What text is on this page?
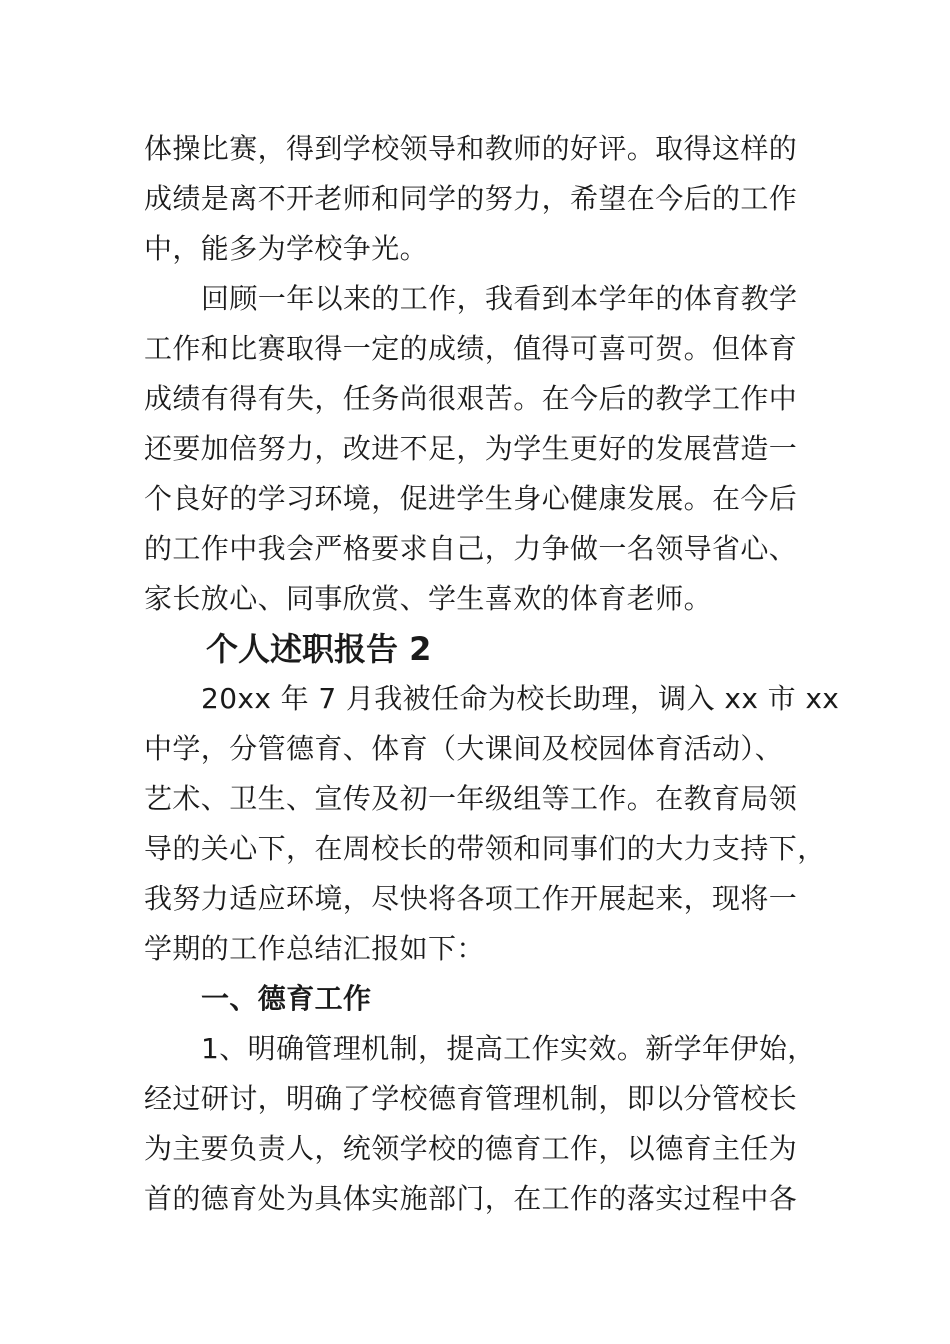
体操比赛，得到学校领导和教师的好评。取得这样的
成绩是离不开老师和同学的努力，希望在今后的工作
中，能多为学校争光。
回顾一年以来的工作，我看到本学年的体育教学
工作和比赛取得一定的成绩，值得可喜可贺。但体育
成绩有得有失，任务尚很艰苦。在今后的教学工作中
还要加倍努力，改进不足，为学生更好的发展营造一
个良好的学习环境，促进学生身心健康发展。在今后
的工作中我会严格要求自己，力争做一名领导省心、
家长放心、同事欣赏、学生喜欢的体育老师。
个人述职报告 2
20xx 年 7 月我被任命为校长助理，调入 xx 市 xx
中学，分管德育、体育（大课间及校园体育活动）、
艺术、卫生、宣传及初一年级组等工作。在教育局领
导的关心下，在周校长的带领和同事们的大力支持下，
我努力适应环境，尽快将各项工作开展起来，现将一
学期的工作总结汇报如下：
一、德育工作
1、明确管理机制，提高工作实效。新学年伊始，
经过研讨，明确了学校德育管理机制，即以分管校长
为主要负责人，统领学校的德育工作，以德育主任为
首的德育处为具体实施部门，在工作的落实过程中各
